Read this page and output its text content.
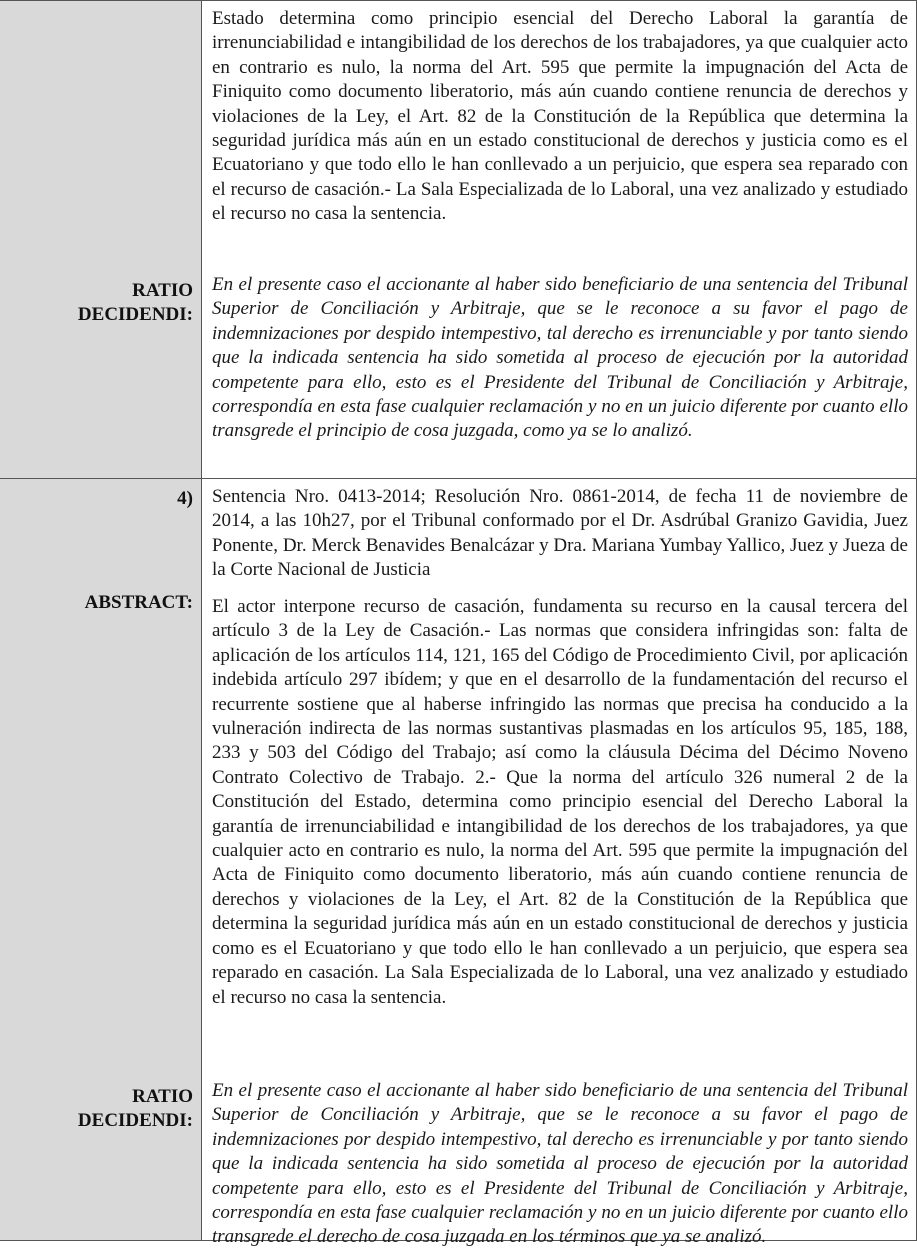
RATIO
DECIDENDI:
Estado determina como principio esencial del Derecho Laboral la garantía de irrenunciabilidad e intangibilidad de los derechos de los trabajadores, ya que cualquier acto en contrario es nulo, la norma del Art. 595 que permite la impugnación del Acta de Finiquito como documento liberatorio, más aún cuando contiene renuncia de derechos y violaciones de la Ley, el Art. 82 de la Constitución de la República que determina la seguridad jurídica más aún en un estado constitucional de derechos y justicia como es el Ecuatoriano y que todo ello le han conllevado a un perjuicio, que espera sea reparado con el recurso de casación.- La Sala Especializada de lo Laboral, una vez analizado y estudiado el recurso no casa la sentencia.
En el presente caso el accionante al haber sido beneficiario de una sentencia del Tribunal Superior de Conciliación y Arbitraje, que se le reconoce a su favor el pago de indemnizaciones por despido intempestivo, tal derecho es irrenunciable y por tanto siendo que la indicada sentencia ha sido sometida al proceso de ejecución por la autoridad competente para ello, esto es el Presidente del Tribunal de Conciliación y Arbitraje, correspondía en esta fase cualquier reclamación y no en un juicio diferente por cuanto ello transgrede el principio de cosa juzgada, como ya se lo analizó.
4)
ABSTRACT:
RATIO
DECIDENDI:
Sentencia Nro. 0413-2014; Resolución Nro. 0861-2014, de fecha 11 de noviembre de 2014, a las 10h27, por el Tribunal conformado por el Dr. Asdrúbal Granizo Gavidia, Juez Ponente, Dr. Merck Benavides Benalcázar y Dra. Mariana Yumbay Yallico, Juez y Jueza de la Corte Nacional de Justicia
El actor interpone recurso de casación, fundamenta su recurso en la causal tercera del artículo 3 de la Ley de Casación.- Las normas que considera infringidas son: falta de aplicación de los artículos 114, 121, 165 del Código de Procedimiento Civil, por aplicación indebida artículo 297 ibídem; y que en el desarrollo de la fundamentación del recurso el recurrente sostiene que al haberse infringido las normas que precisa ha conducido a la vulneración indirecta de las normas sustantivas plasmadas en los artículos 95, 185, 188, 233 y 503 del Código del Trabajo; así como la cláusula Décima del Décimo Noveno Contrato Colectivo de Trabajo. 2.- Que la norma del artículo 326 numeral 2 de la Constitución del Estado, determina como principio esencial del Derecho Laboral la garantía de irrenunciabilidad e intangibilidad de los derechos de los trabajadores, ya que cualquier acto en contrario es nulo, la norma del Art. 595 que permite la impugnación del Acta de Finiquito como documento liberatorio, más aún cuando contiene renuncia de derechos y violaciones de la Ley, el Art. 82 de la Constitución de la República que determina la seguridad jurídica más aún en un estado constitucional de derechos y justicia como es el Ecuatoriano y que todo ello le han conllevado a un perjuicio, que espera sea reparado en casación. La Sala Especializada de lo Laboral, una vez analizado y estudiado el recurso no casa la sentencia.
En el presente caso el accionante al haber sido beneficiario de una sentencia del Tribunal Superior de Conciliación y Arbitraje, que se le reconoce a su favor el pago de indemnizaciones por despido intempestivo, tal derecho es irrenunciable y por tanto siendo que la indicada sentencia ha sido sometida al proceso de ejecución por la autoridad competente para ello, esto es el Presidente del Tribunal de Conciliación y Arbitraje, correspondía en esta fase cualquier reclamación y no en un juicio diferente por cuanto ello transgrede el derecho de cosa juzgada en los términos que ya se analizó.
